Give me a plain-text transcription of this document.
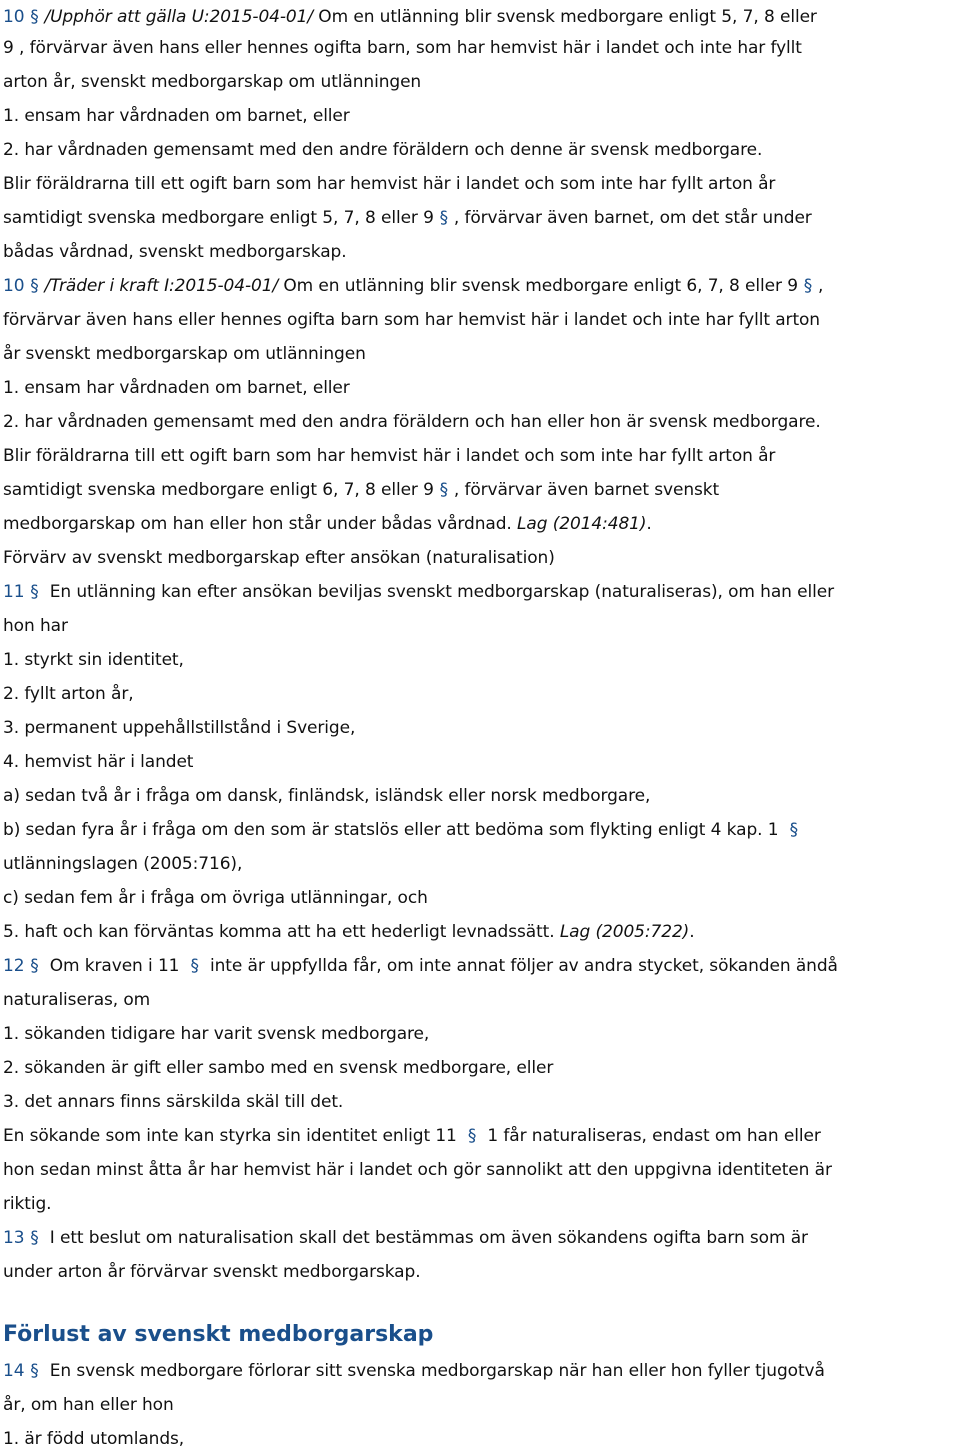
10 § /Upphör att gälla U:2015-04-01/ Om en utlänning blir svensk medborgare enligt 5, 7, 8 eller
9 , förvärvar även hans eller hennes ogifta barn, som har hemvist här i landet och inte har fyllt
arton år, svenskt medborgarskap om utlänningen
1. ensam har vårdnaden om barnet, eller
2. har vårdnaden gemensamt med den andre föräldern och denne är svensk medborgare.
Blir föräldrarna till ett ogift barn som har hemvist här i landet och som inte har fyllt arton år
samtidigt svenska medborgare enligt 5, 7, 8 eller 9 § , förvärvar även barnet, om det står under
bådas vårdnad, svenskt medborgarskap.
10 § /Träder i kraft I:2015-04-01/ Om en utlänning blir svensk medborgare enligt 6, 7, 8 eller 9 § ,
förvärvar även hans eller hennes ogifta barn som har hemvist här i landet och inte har fyllt arton
år svenskt medborgarskap om utlänningen
1. ensam har vårdnaden om barnet, eller
2. har vårdnaden gemensamt med den andra föräldern och han eller hon är svensk medborgare.
Blir föräldrarna till ett ogift barn som har hemvist här i landet och som inte har fyllt arton år
samtidigt svenska medborgare enligt 6, 7, 8 eller 9 § , förvärvar även barnet svenskt
medborgarskap om han eller hon står under bådas vårdnad. Lag (2014:481).
Förvärv av svenskt medborgarskap efter ansökan (naturalisation)
11 § En utlänning kan efter ansökan beviljas svenskt medborgarskap (naturaliseras), om han eller
hon har
1. styrkt sin identitet,
2. fyllt arton år,
3. permanent uppehållstillstånd i Sverige,
4. hemvist här i landet
a) sedan två år i fråga om dansk, finländsk, isländsk eller norsk medborgare,
b) sedan fyra år i fråga om den som är statslös eller att bedöma som flykting enligt 4 kap. 1 §
utlänningslagen (2005:716),
c) sedan fem år i fråga om övriga utlänningar, och
5. haft och kan förväntas komma att ha ett hederligt levnadssätt. Lag (2005:722).
12 § Om kraven i 11 § inte är uppfyllda får, om inte annat följer av andra stycket, sökanden ändå
naturaliseras, om
1. sökanden tidigare har varit svensk medborgare,
2. sökanden är gift eller sambo med en svensk medborgare, eller
3. det annars finns särskilda skäl till det.
En sökande som inte kan styrka sin identitet enligt 11 § 1 får naturaliseras, endast om han eller
hon sedan minst åtta år har hemvist här i landet och gör sannolikt att den uppgivna identiteten är
riktig.
13 § I ett beslut om naturalisation skall det bestämmas om även sökandens ogifta barn som är
under arton år förvärvar svenskt medborgarskap.
Förlust av svenskt medborgarskap
14 § En svensk medborgare förlorar sitt svenska medborgarskap när han eller hon fyller tjugotvå
år, om han eller hon
1. är född utomlands,
